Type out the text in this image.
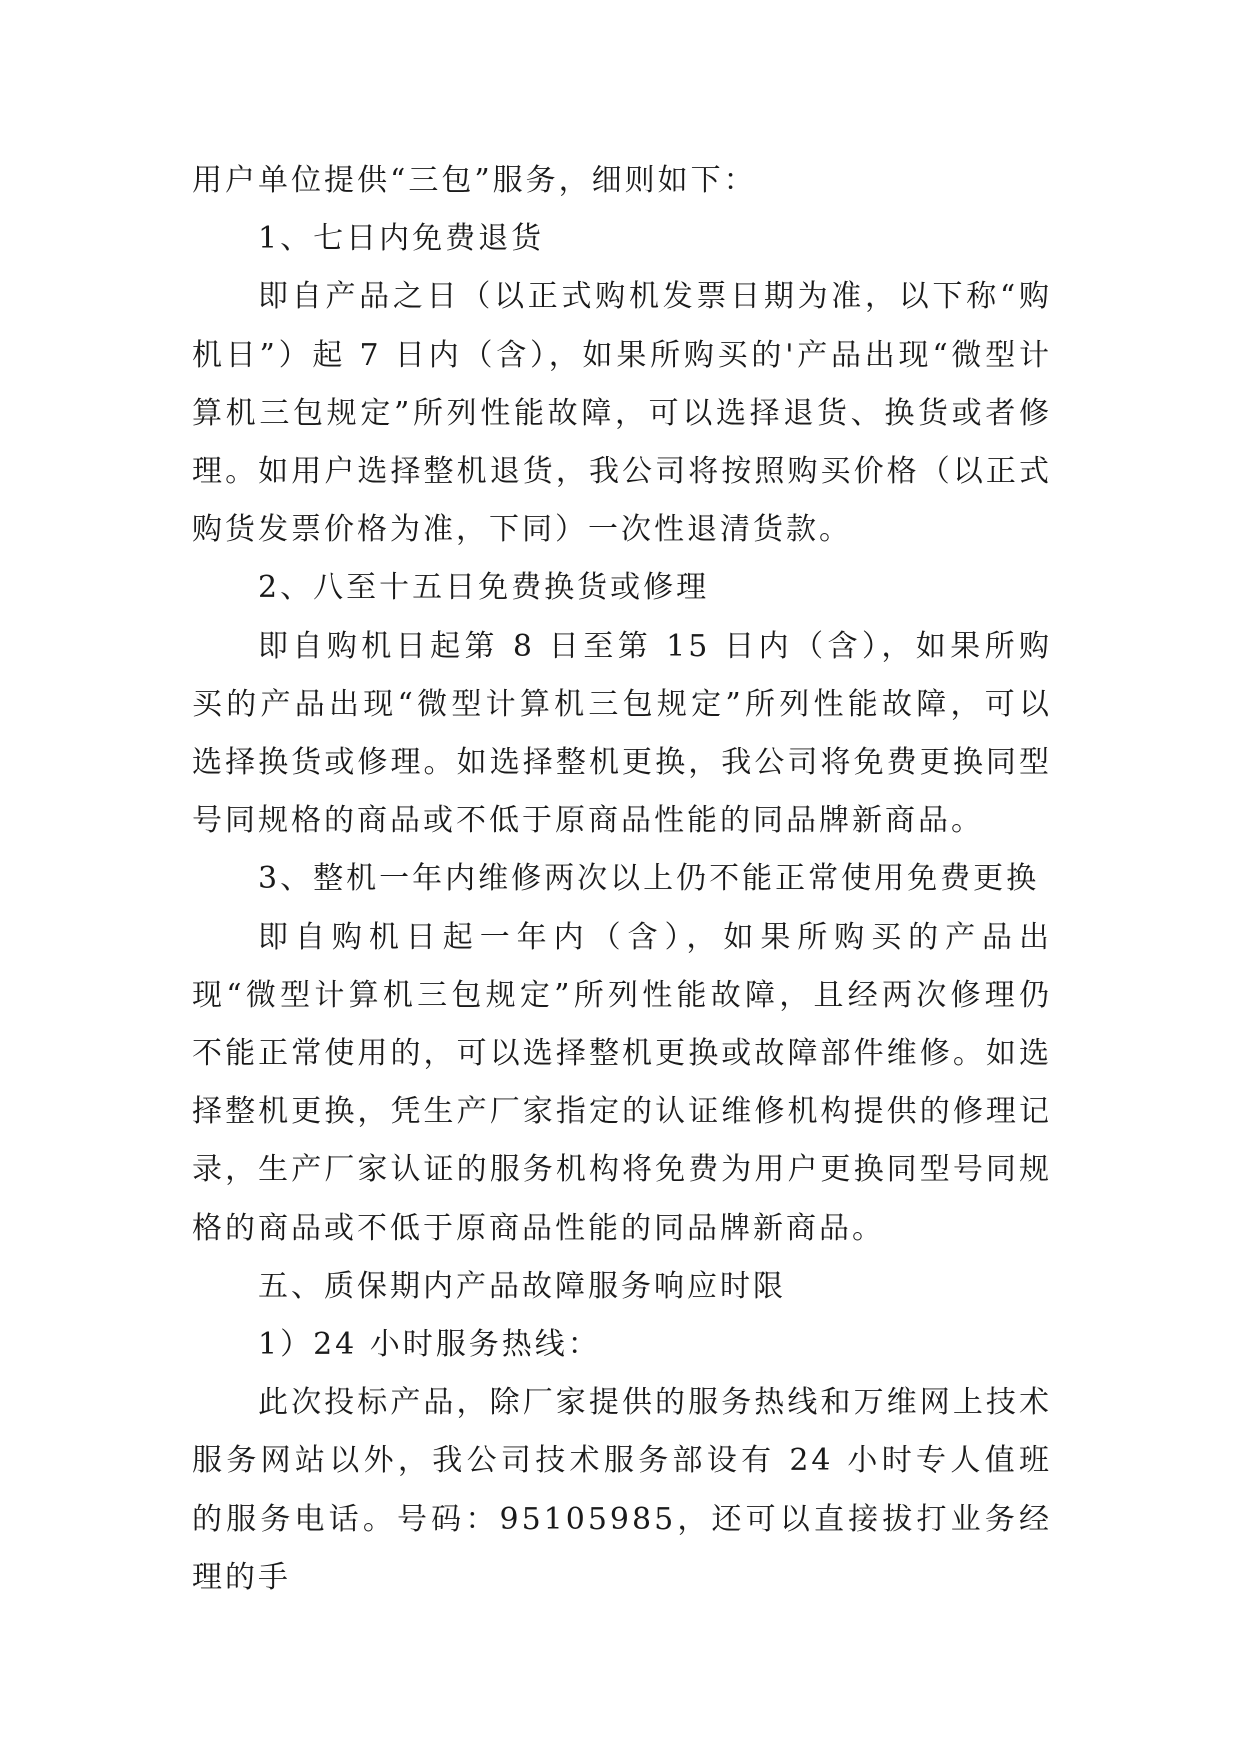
用户单位提供“三包”服务，细则如下：

1、七日内免费退货

即自产品之日（以正式购机发票日期为准，以下称“购机日”）起 7 日内（含），如果所购买的'产品出现“微型计算机三包规定”所列性能故障，可以选择退货、换货或者修理。如用户选择整机退货，我公司将按照购买价格（以正式购货发票价格为准，下同）一次性退清货款。

2、八至十五日免费换货或修理

即自购机日起第 8 日至第 15 日内（含），如果所购买的产品出现“微型计算机三包规定”所列性能故障，可以选择换货或修理。如选择整机更换，我公司将免费更换同型号同规格的商品或不低于原商品性能的同品牌新商品。

3、整机一年内维修两次以上仍不能正常使用免费更换

即自购机日起一年内（含），如果所购买的产品出现“微型计算机三包规定”所列性能故障，且经两次修理仍不能正常使用的，可以选择整机更换或故障部件维修。如选择整机更换，凭生产厂家指定的认证维修机构提供的修理记录，生产厂家认证的服务机构将免费为用户更换同型号同规格的商品或不低于原商品性能的同品牌新商品。

五、质保期内产品故障服务响应时限

1）24 小时服务热线：

此次投标产品，除厂家提供的服务热线和万维网上技术服务网站以外，我公司技术服务部设有 24 小时专人值班的服务电话。号码：95105985，还可以直接拔打业务经理的手
